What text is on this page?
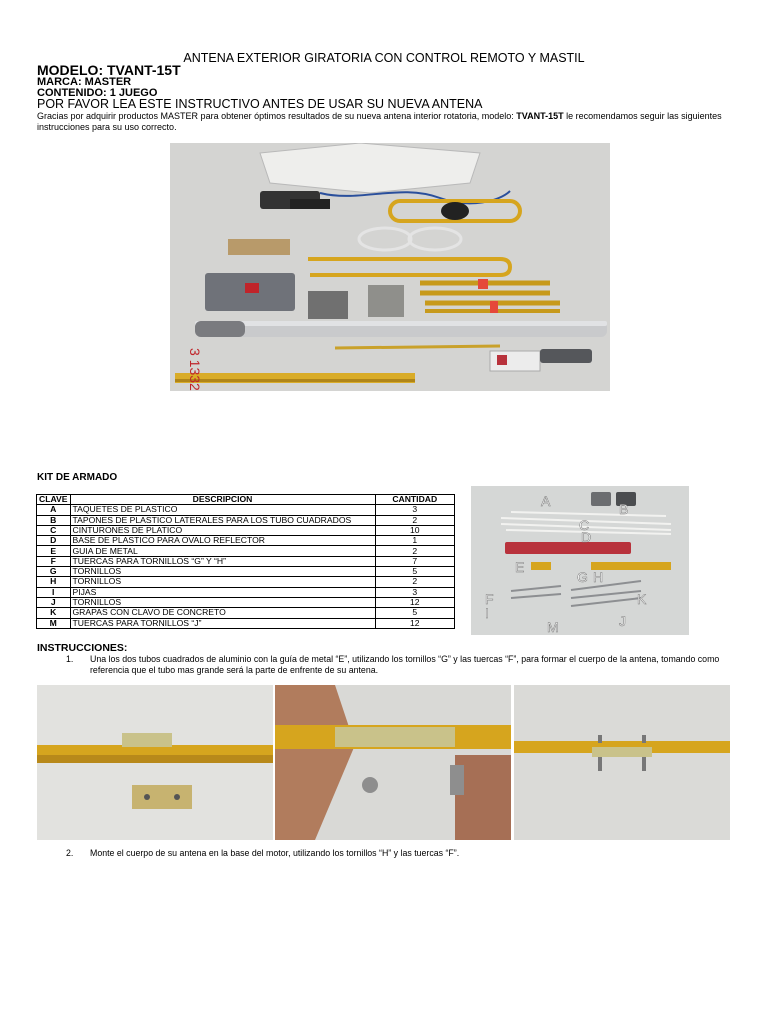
ANTENA EXTERIOR GIRATORIA CON CONTROL REMOTO Y MASTIL
MODELO: TVANT-15T
MARCA: MASTER
CONTENIDO: 1 JUEGO
POR FAVOR LEA ESTE INSTRUCTIVO ANTES DE USAR SU NUEVA ANTENA
Gracias por adquirir productos MASTER para obtener óptimos resultados de su nueva antena interior rotatoria, modelo: TVANT-15T le recomendamos seguir las siguientes instrucciones para su uso correcto.
3 1332
KIT DE ARMADO
CLAVE	DESCRIPCION	CANTIDAD
A	TAQUETES DE PLASTICO	3
B	TAPONES DE PLASTICO LATERALES PARA LOS TUBO CUADRADOS	2
C	CINTURONES DE PLATICO	10
D	BASE DE PLASTICO PARA OVALO REFLECTOR	1
E	GUIA DE METAL	2
F	TUERCAS PARA TORNILLOS “G” Y “H”	7
G	TORNILLOS	5
H	TORNILLOS	2
I	PIJAS	3
J	TORNILLOS	12
K	GRAPAS CON CLAVO DE CONCRETO	5
M	TUERCAS PARA TORNILLOS “J”	12
A	B
C
D
E
F
G H
I	J
K
M
INSTRUCCIONES:
1. Una los dos tubos cuadrados de aluminio con la guía de metal “E”, utilizando los tornillos “G” y las tuercas “F”, para formar el cuerpo de la antena, tomando como referencia que el tubo mas grande será la parte de enfrente de su antena.
2. Monte el cuerpo de su antena en la base del motor, utilizando los tornillos “H” y las tuercas “F”.
